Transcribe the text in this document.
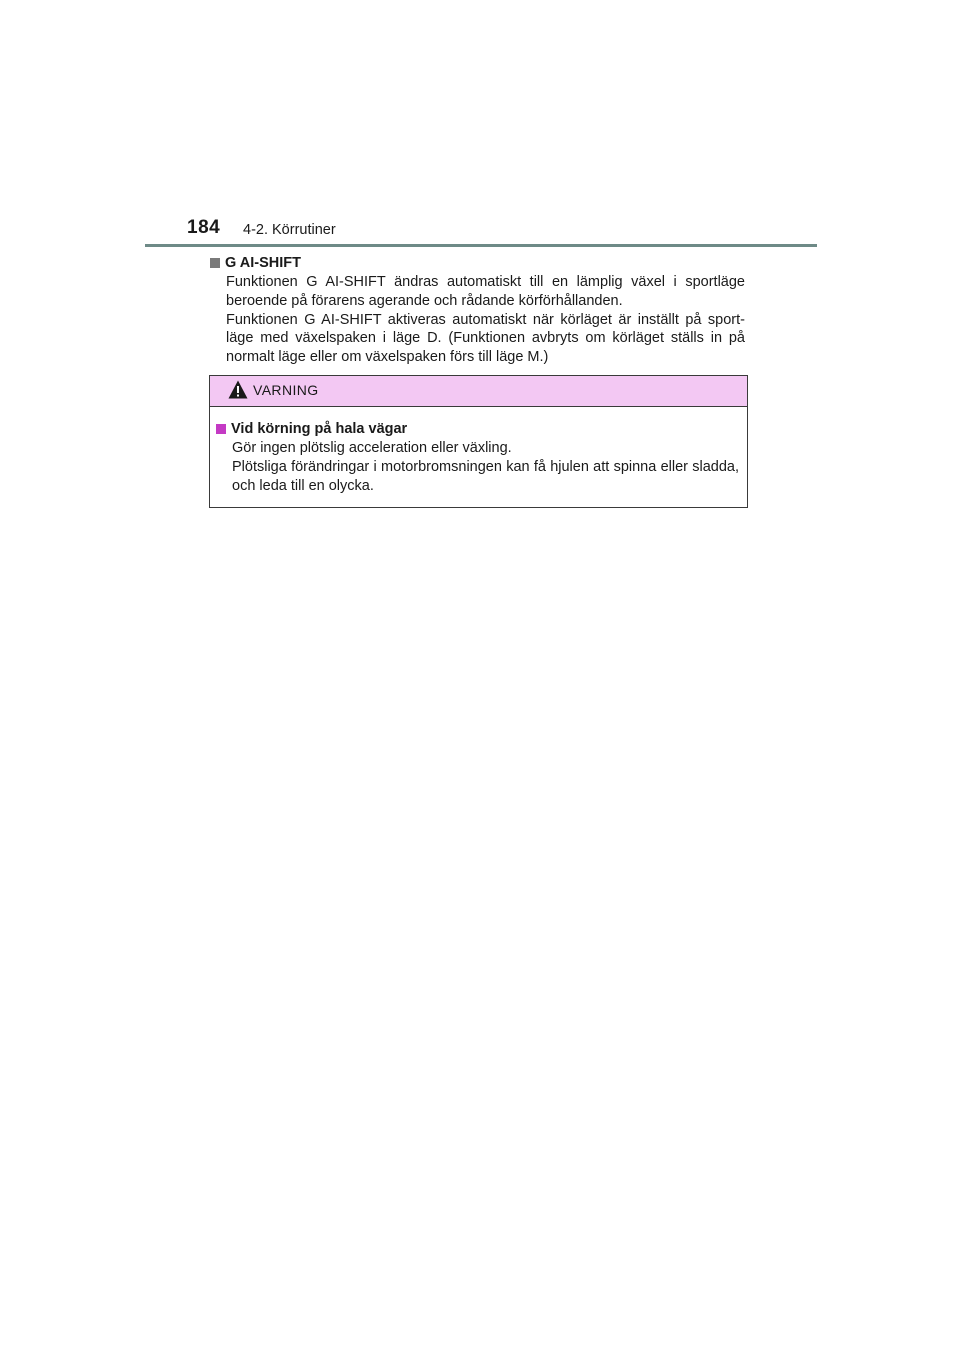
184 4-2. Körrutiner
G AI-SHIFT
Funktionen G AI-SHIFT ändras automatiskt till en lämplig växel i sportläge beroende på förarens agerande och rådande körförhållanden.
Funktionen G AI-SHIFT aktiveras automatiskt när körläget är inställt på sport-läge med växelspaken i läge D. (Funktionen avbryts om körläget ställs in på normalt läge eller om växelspaken förs till läge M.)
VARNING
Vid körning på hala vägar
Gör ingen plötslig acceleration eller växling.
Plötsliga förändringar i motorbromsningen kan få hjulen att spinna eller sladda, och leda till en olycka.
